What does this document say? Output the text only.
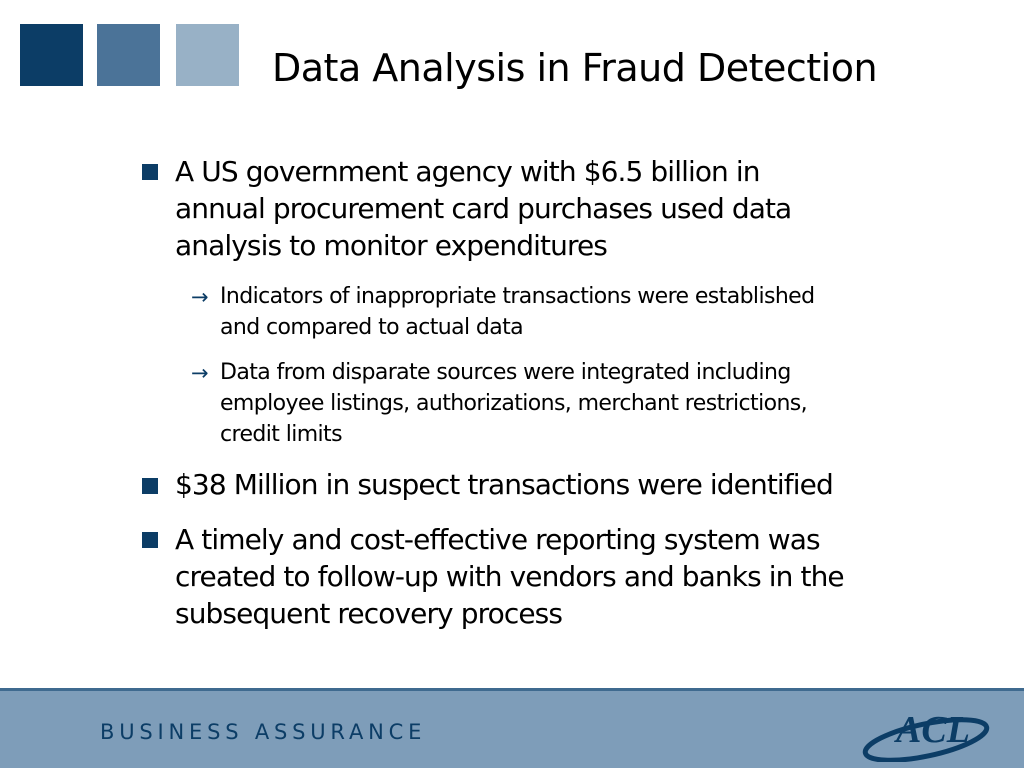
Data Analysis in Fraud Detection
A US government agency with $6.5 billion in
annual procurement card purchases used data
analysis to monitor expenditures
→ Indicators of inappropriate transactions were established
and compared to actual data
→ Data from disparate sources were integrated including
employee listings, authorizations, merchant restrictions,
credit limits
$38 Million in suspect transactions were identified
A timely and cost-effective reporting system was
created to follow-up with vendors and banks in the
subsequent recovery process
BUSINESS ASSURANCE	ACL
